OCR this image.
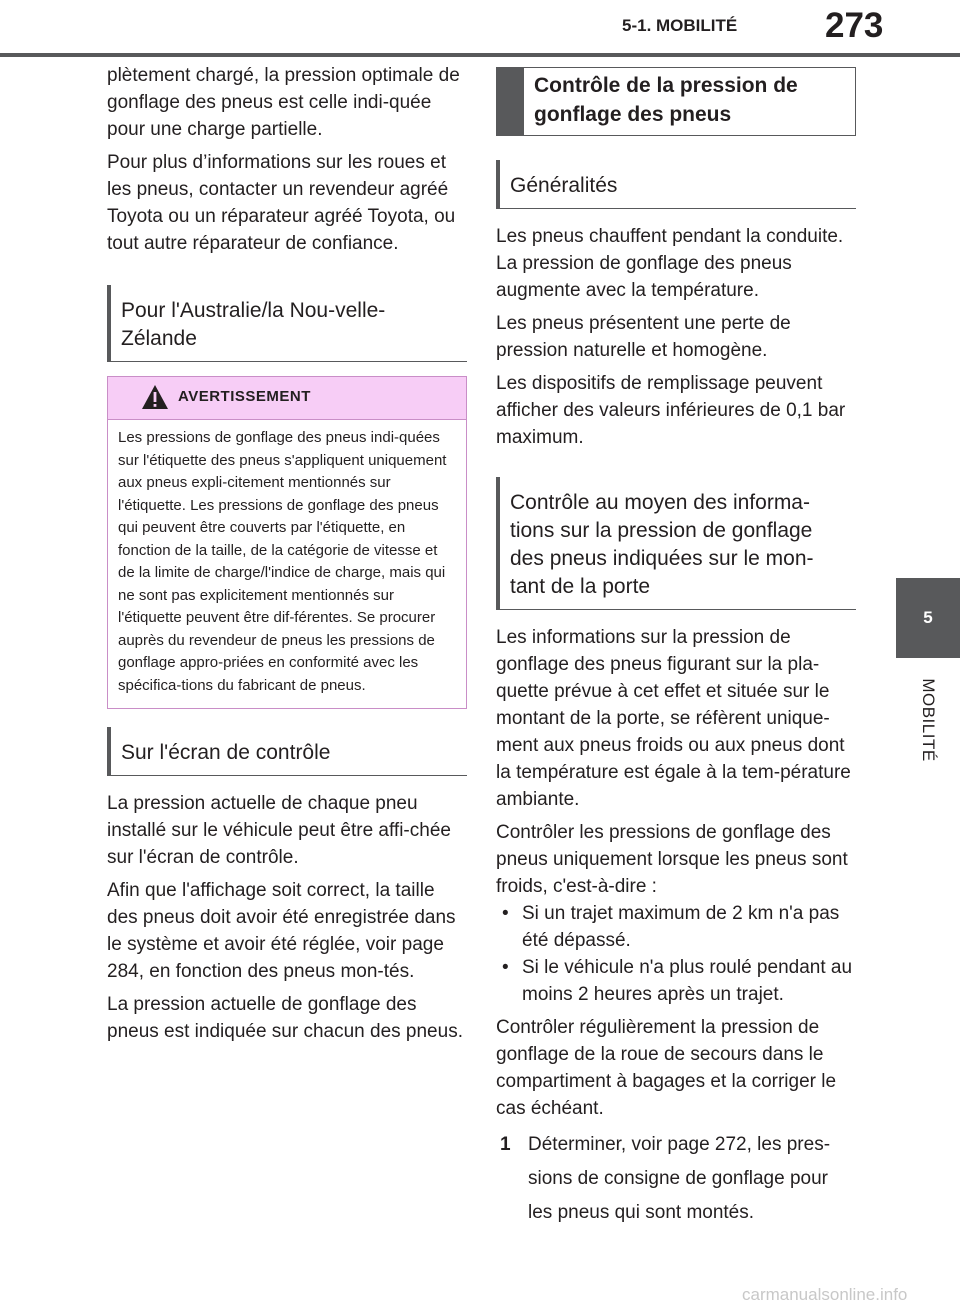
5-1. MOBILITÉ	273
5
MOBILITÉ

plètement chargé, la pression optimale de gonflage des pneus est celle indi-quée pour une charge partielle.

Pour plus d’informations sur les roues et les pneus, contacter un revendeur agréé Toyota ou un réparateur agréé Toyota, ou tout autre réparateur de confiance.

Pour l'Australie/la Nou-velle-Zélande
AVERTISSEMENT
Les pressions de gonflage des pneus indi-quées sur l'étiquette des pneus s'appliquent uniquement aux pneus expli-citement mentionnés sur l'étiquette. Les pressions de gonflage des pneus qui peuvent être couverts par l'étiquette, en fonction de la taille, de la catégorie de vitesse et de la limite de charge/l'indice de charge, mais qui ne sont pas explicitement mentionnés sur l'étiquette peuvent être dif-férentes. Se procurer auprès du revendeur de pneus les pressions de gonflage appro-priées en conformité avec les spécifica-tions du fabricant de pneus.
Sur l'écran de contrôle

La pression actuelle de chaque pneu installé sur le véhicule peut être affi-chée sur l'écran de contrôle.

Afin que l'affichage soit correct, la taille des pneus doit avoir été enregistrée dans le système et avoir été réglée, voir page 284, en fonction des pneus mon-tés.

La pression actuelle de gonflage des pneus est indiquée sur chacun des pneus.

Contrôle de la pression de gonflage des pneus
Généralités

Les pneus chauffent pendant la conduite. La pression de gonflage des pneus augmente avec la température.

Les pneus présentent une perte de pression naturelle et homogène.

Les dispositifs de remplissage peuvent afficher des valeurs inférieures de 0,1 bar maximum.

Contrôle au moyen des informa-tions sur la pression de gonflage des pneus indiquées sur le mon-tant de la porte

Les informations sur la pression de gonflage des pneus figurant sur la pla-quette prévue à cet effet et située sur le montant de la porte, se réfèrent unique-ment aux pneus froids ou aux pneus dont la température est égale à la tem-pérature ambiante.

Contrôler les pressions de gonflage des pneus uniquement lorsque les pneus sont froids, c'est-à-dire :

• Si un trajet maximum de 2 km n'a pas été dépassé.
• Si le véhicule n'a plus roulé pendant au moins 2 heures après un trajet.

Contrôler régulièrement la pression de gonflage de la roue de secours dans le compartiment à bagages et la corriger le cas échéant.

1 Déterminer, voir page 272, les pres-sions de consigne de gonflage pour les pneus qui sont montés.
carmanualsonline.info
